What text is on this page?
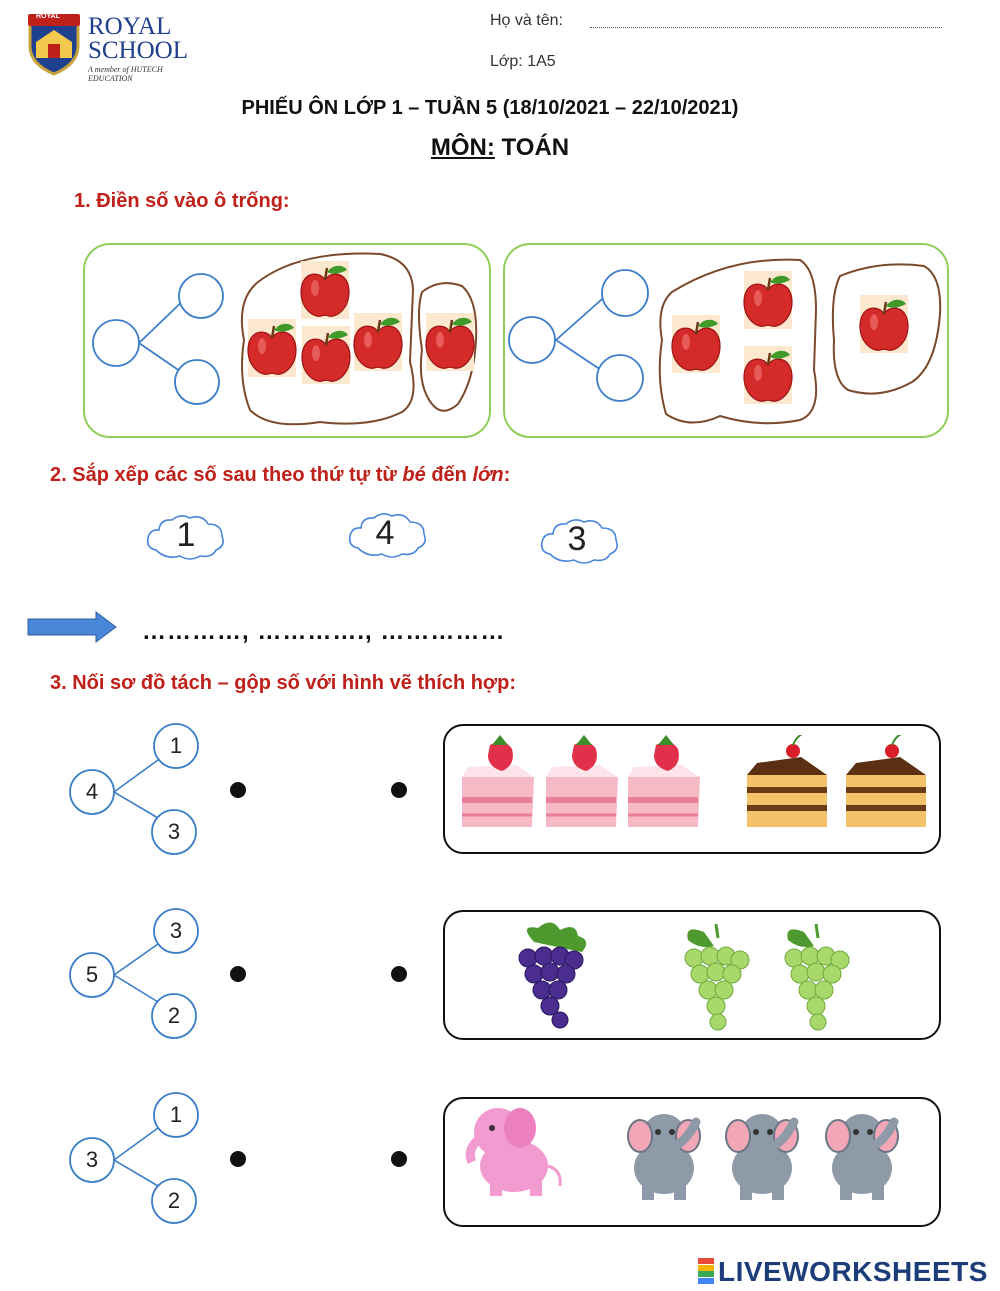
ROYAL ROYAL
SCHOOL
A member of HUTECH EDUCATION
Họ và tên:
Lớp: 1A5
PHIẾU ÔN LỚP 1 – TUẦN 5 (18/10/2021 – 22/10/2021)
MÔN: TOÁN
1. Điền số vào ô trống:
2. Sắp xếp các số sau theo thứ tự từ bé đến lớn:
1	4	3
…………, …………., ……………
3. Nối sơ đồ tách – gộp số với hình vẽ thích hợp:
4
1
3
5
3
2
3
1
2
LIVEWORKSHEETS
